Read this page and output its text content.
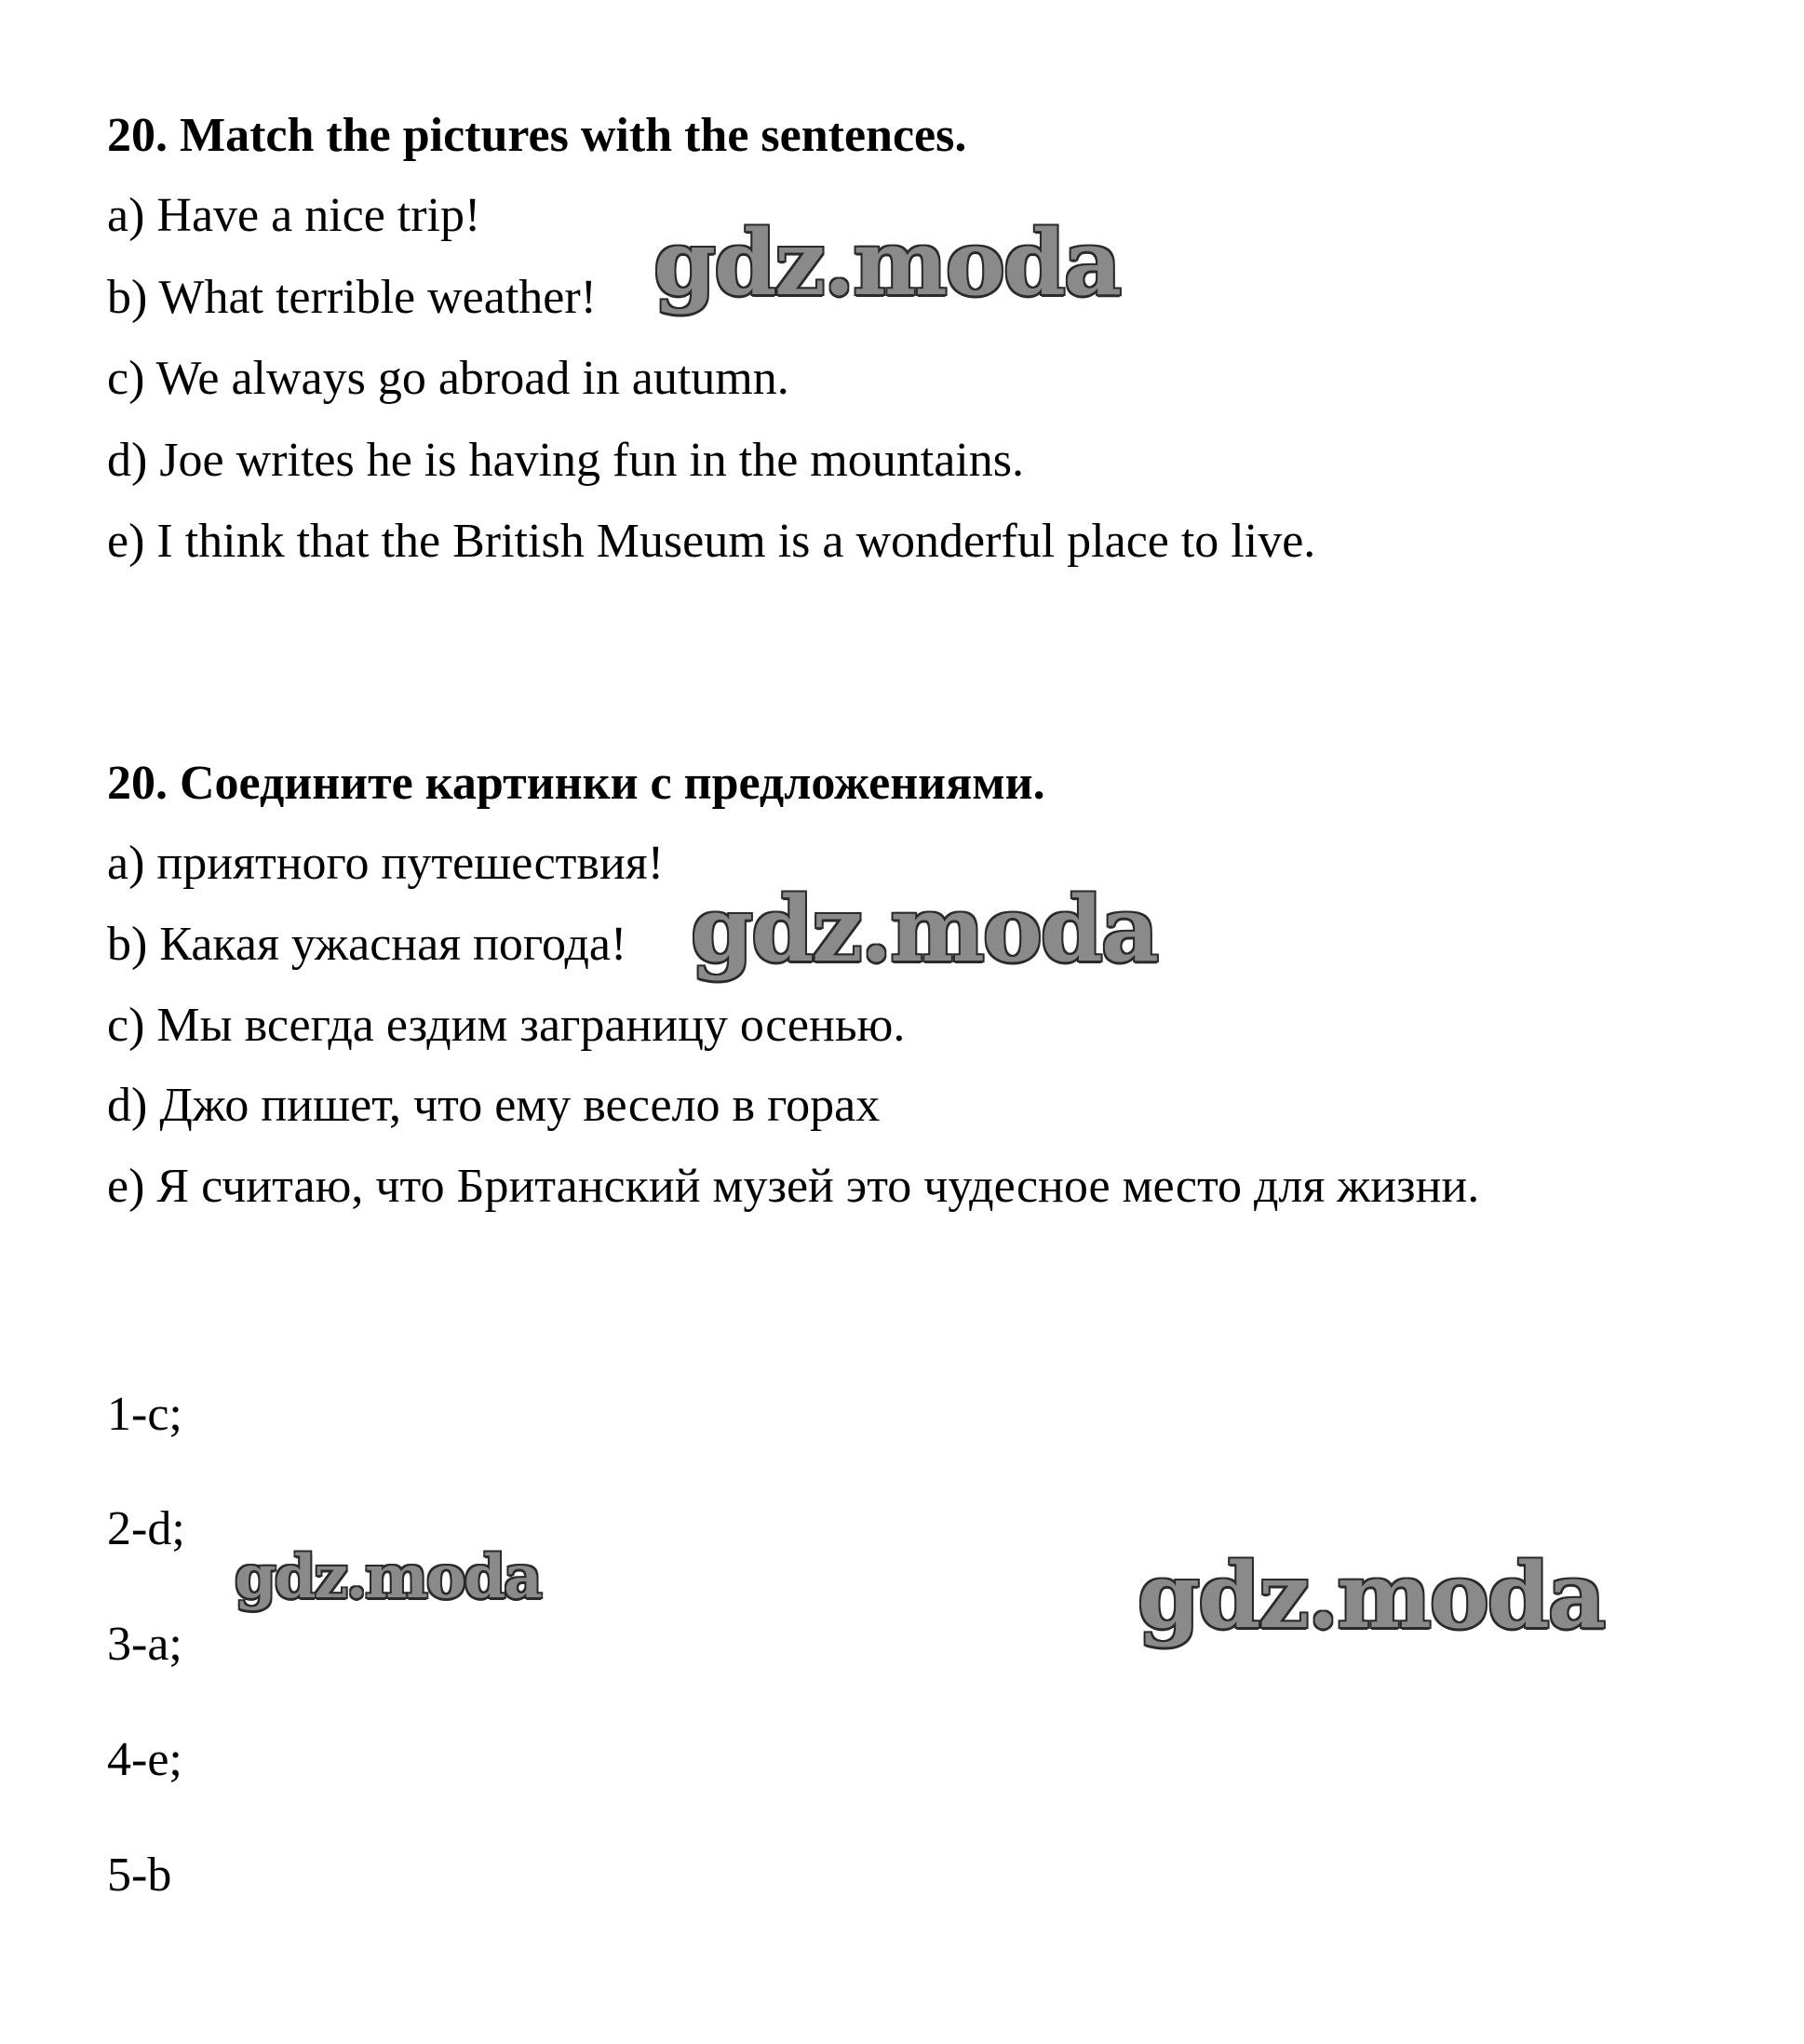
20. Match the pictures with the sentences.
a) Have a nice trip!
b) What terrible weather!
c) We always go abroad in autumn.
d) Joe writes he is having fun in the mountains.
e) I think that the British Museum is a wonderful place to live.
20. Соедините картинки с предложениями.
a) приятного путешествия!
b) Какая ужасная погода!
c) Мы всегда ездим заграницу осенью.
d) Джо пишет, что ему весело в горах
e) Я считаю, что Британский музей это чудесное место для жизни.
1-c;
2-d;
3-a;
4-e;
5-b
gdz.moda
gdz.moda
gdz.moda	gdz.moda
